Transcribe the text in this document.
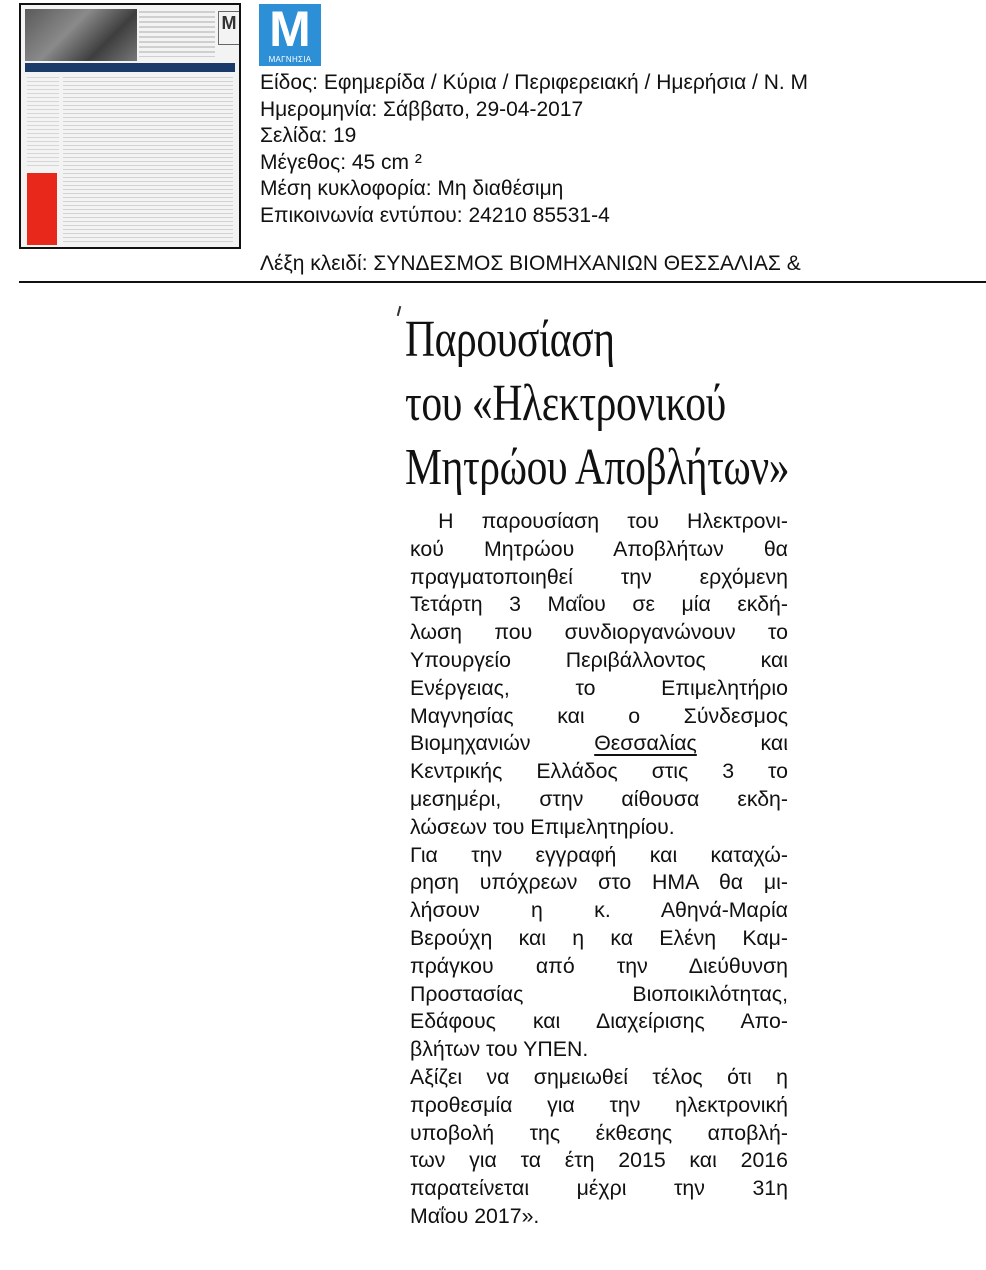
M M
ΜΑΓΝΗΣΙΑ
Είδος: Εφημερίδα / Κύρια / Περιφερειακή / Ημερήσια / Ν. Μ
Ημερομηνία: Σάββατο, 29-04-2017
Σελίδα: 19
Μέγεθος: 45 cm ²
Μέση κυκλοφορία: Μη διαθέσιμη
Επικοινωνία εντύπου: 24210 85531-4
Λέξη κλειδί: ΣΥΝΔΕΣΜΟΣ ΒΙΟΜΗΧΑΝΙΩΝ ΘΕΣΣΑΛΙΑΣ &
Παρουσίαση
του «Ηλεκτρονικού
Μητρώου Αποβλήτων»
Η παρουσίαση του Ηλεκτρονι-
κού Μητρώου Αποβλήτων θα
πραγματοποιηθεί την ερχόμενη
Τετάρτη 3 Μαΐου σε μία εκδή-
λωση που συνδιοργανώνουν το
Υπουργείο Περιβάλλοντος και
Ενέργειας, το Επιμελητήριο
Μαγνησίας και ο Σύνδεσμος
Βιομηχανιών	Θεσσαλίας	και
Κεντρικής Ελλάδος στις 3 το
μεσημέρι, στην αίθουσα εκδη-
λώσεων του Επιμελητηρίου.
Για την εγγραφή και καταχώ-
ρηση υπόχρεων στο ΗΜΑ θα μι-
λήσουν η κ. Αθηνά-Μαρία
Βερούχη και η κα Ελένη Καμ-
πράγκου από την Διεύθυνση
Προστασίας Βιοποικιλότητας,
Εδάφους και Διαχείρισης Απο-
βλήτων του ΥΠΕΝ.
Αξίζει να σημειωθεί τέλος ότι η
προθεσμία για την ηλεκτρονική
υποβολή της έκθεσης αποβλή-
των για τα έτη 2015 και 2016
παρατείνεται μέχρι την 31η
Μαΐου 2017».
